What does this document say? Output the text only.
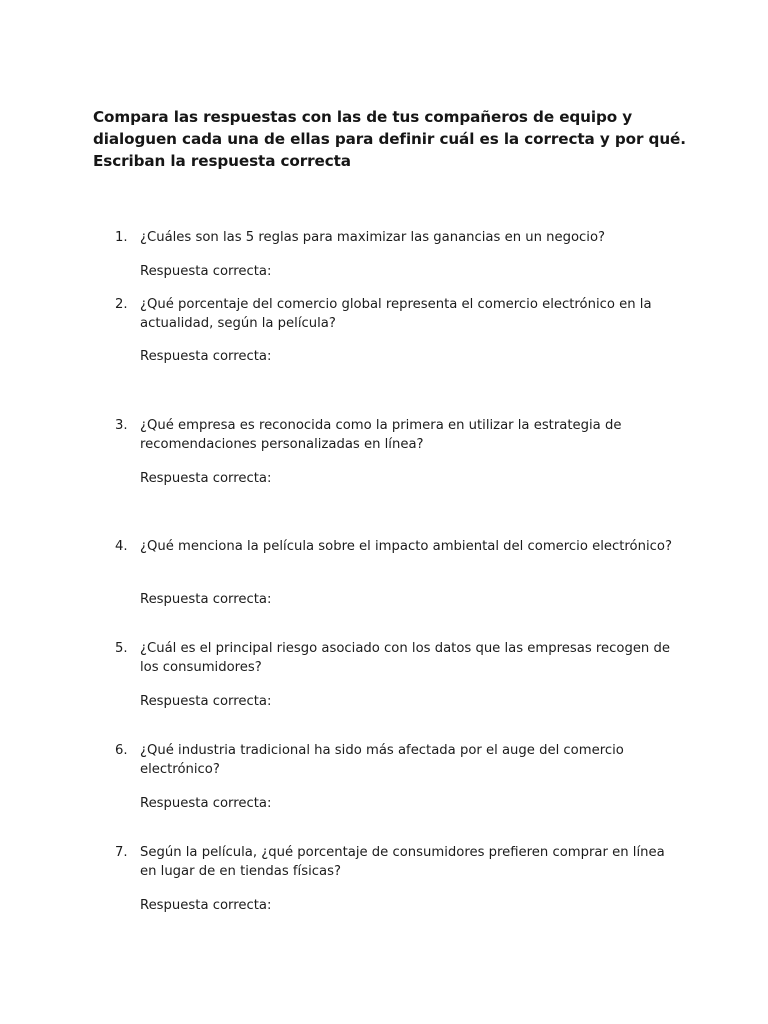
Compara las respuestas con las de tus compañeros de equipo y dialoguen cada una de ellas para definir cuál es la correcta y por qué. Escriban la respuesta correcta

1. ¿Cuáles son las 5 reglas para maximizar las ganancias en un negocio?

Respuesta correcta:

2. ¿Qué porcentaje del comercio global representa el comercio electrónico en la actualidad, según la película?

Respuesta correcta:

3. ¿Qué empresa es reconocida como la primera en utilizar la estrategia de recomendaciones personalizadas en línea?

Respuesta correcta:

4. ¿Qué menciona la película sobre el impacto ambiental del comercio electrónico?

Respuesta correcta:

5. ¿Cuál es el principal riesgo asociado con los datos que las empresas recogen de los consumidores?

Respuesta correcta:

6. ¿Qué industria tradicional ha sido más afectada por el auge del comercio electrónico?

Respuesta correcta:

7. Según la película, ¿qué porcentaje de consumidores prefieren comprar en línea en lugar de en tiendas físicas?

Respuesta correcta:
